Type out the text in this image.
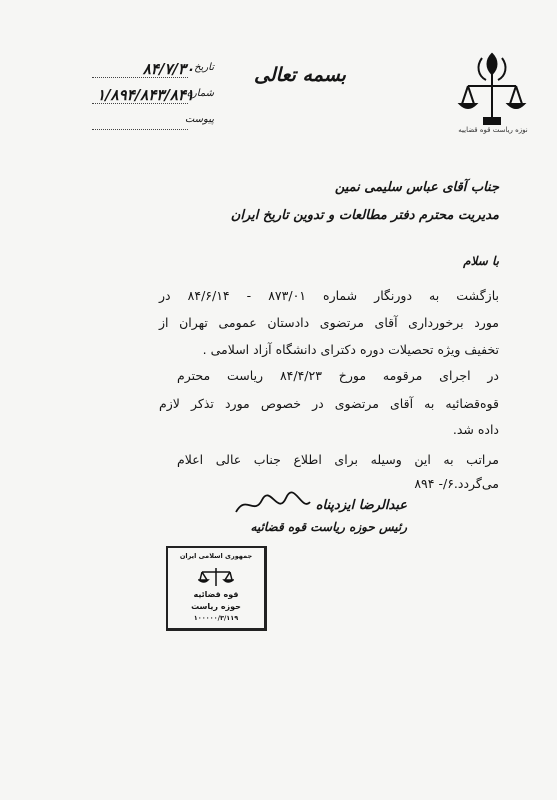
نوزه ریاست قوه قضاییه
بسمه تعالی
تاریخ
۸۴/۷/۳۰
شماره
۱/۸۹۴/۸۴۳/۸۴۱
پیوست
جناب آقای عباس سلیمی نمین
مدیریت محترم دفتر مطالعات و تدوین تاریخ ایران
با سلام
بازگشت به دورنگار شماره ۸۷۳/۰۱ - ۸۴/۶/۱۴ در
مورد برخورداری آقای مرتضوی دادستان عمومی تهران از
تخفیف ویژه تحصیلات دوره دکترای دانشگاه آزاد اسلامی .
در اجرای مرقومه مورخ ۸۴/۴/۲۳ ریاست محترم
قوه‌قضائیه به آقای مرتضوی در خصوص مورد تذکر لازم
داده شد.
مراتب به این وسیله برای اطلاع جناب عالی اعلام
می‌گردد.۶/- ۸۹۴
عبدالرضا ایزدپناه
رئیس حوزه ریاست قوه قضائیه
جمهوری اسلامی ایران
قوه قضائیه
حوزه ریاست
۱۰۰۰۰۰/۳/۱۱۹
